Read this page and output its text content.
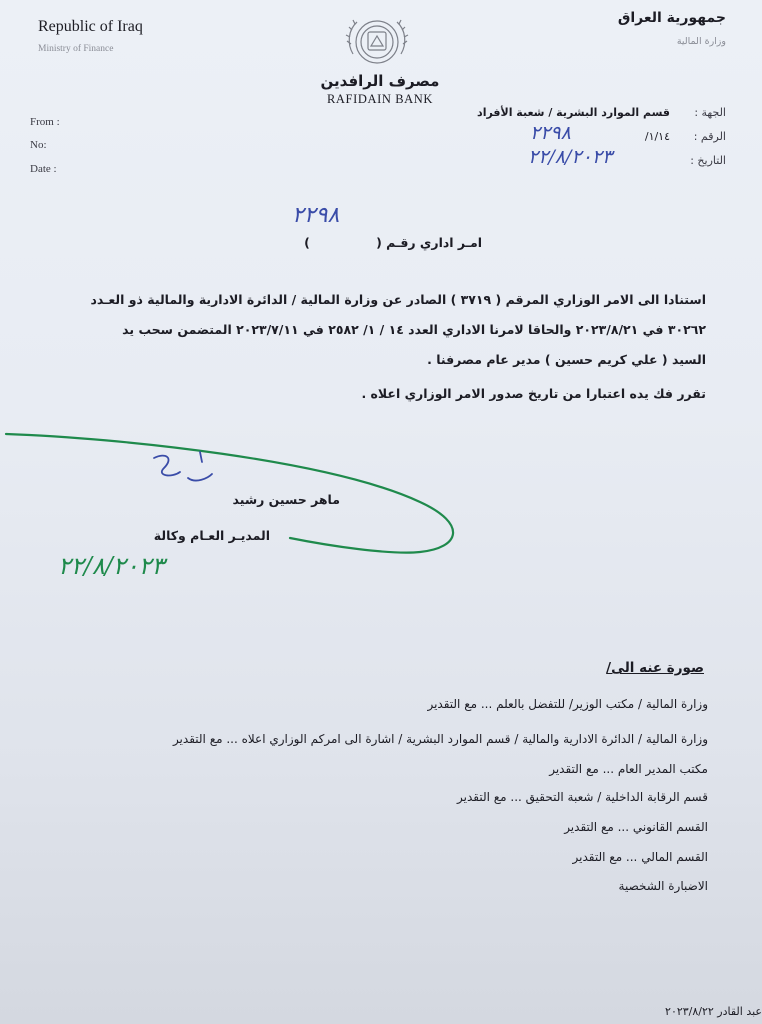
Republic of Iraq
Ministry of Finance
جمهورية العراق
وزارة المالية
مصرف الرافدين
RAFIDAIN BANK
From :
No:
Date :
الجهة :
قسم الموارد البشرية / شعبة الأفراد
الرقم :
/١/١٤
٢٢٩٨
التاريخ :
٢٢/٨/٢٠٢٣
٢٢٩٨
امـر اداري رقـم (  )
استنادا الى الامر الوزاري المرقم ( ٣٧١٩ ) الصادر عن وزارة المالية / الدائرة الادارية والمالية ذو العـدد
٣٠٢٦٢ في ٢٠٢٣/٨/٢١ والحاقا لامرنا الاداري العدد ١٤ / ١/ ٢٥٨٢ في ٢٠٢٣/٧/١١ المتضمن سحب يد
السيد ( علي كريم حسين ) مدير عام مصرفنا .
تقرر فك يده اعتبارا من تاريخ صدور الامر الوزاري اعلاه .
ماهر حسين رشيد
المديـر العـام وكالة
٢٢/٨/٢٠٢٣
صورة عنه الى/
وزارة المالية / مكتب الوزير/ للتفضل بالعلم ... مع التقدير
وزارة المالية / الدائرة الادارية والمالية / قسم الموارد البشرية / اشارة الى امركم الوزاري اعلاه ... مع التقدير
مكتب المدير العام ... مع التقدير
قسم الرقابة الداخلية / شعبة التحقيق ... مع التقدير
القسم القانوني ... مع التقدير
القسم المالي ... مع التقدير
الاضبارة الشخصية
عبد القادر ٢٠٢٣/٨/٢٢
